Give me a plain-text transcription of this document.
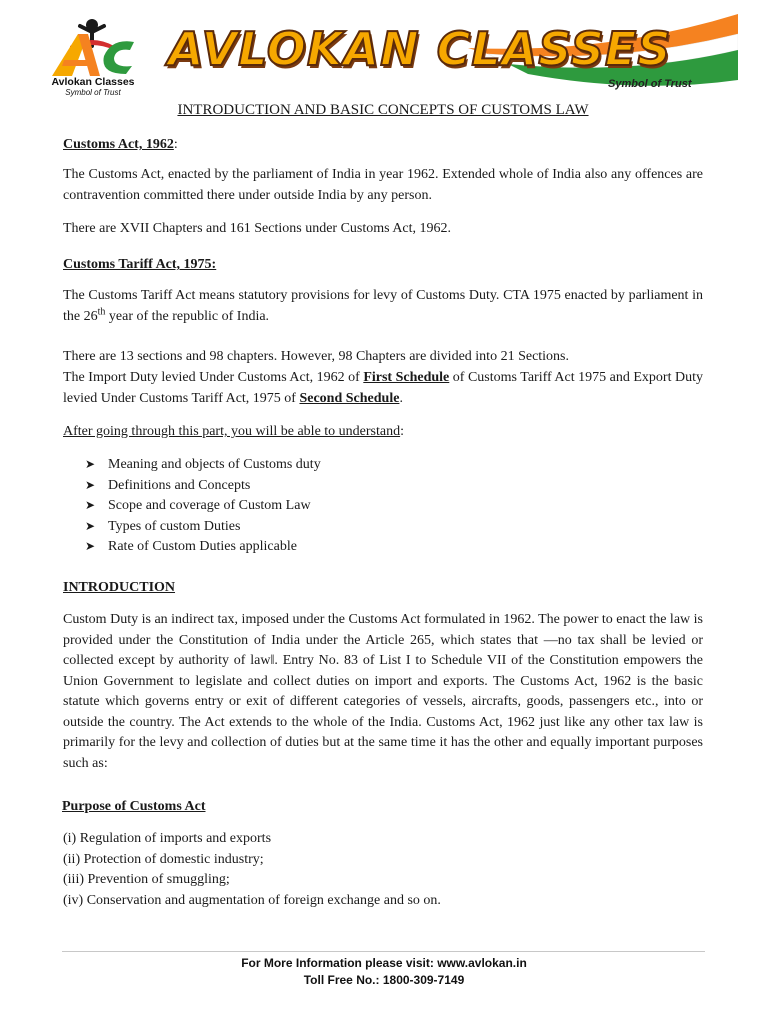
Avlokan Classes
Symbol of Trust
AVLOKAN CLASSES
Symbol of Trust
INTRODUCTION AND BASIC CONCEPTS OF CUSTOMS LAW
Customs Act, 1962:

The Customs Act, enacted by the parliament of India in year 1962. Extended whole of India also any offences are contravention committed there under outside India by any person.

There are XVII Chapters and 161 Sections under Customs Act, 1962.

Customs Tariff Act, 1975:

The Customs Tariff Act means statutory provisions for levy of Customs Duty. CTA 1975 enacted by parliament in the 26th year of the republic of India.

There are 13 sections and 98 chapters. However, 98 Chapters are divided into 21 Sections.

The Import Duty levied Under Customs Act, 1962 of First Schedule of Customs Tariff Act 1975 and Export Duty levied Under Customs Tariff Act, 1975 of Second Schedule.

After going through this part, you will be able to understand:
➤ Meaning and objects of Customs duty
➤ Definitions and Concepts
➤ Scope and coverage of Custom Law
➤ Types of custom Duties
➤ Rate of Custom Duties applicable
INTRODUCTION

Custom Duty is an indirect tax, imposed under the Customs Act formulated in 1962. The power to enact the law is provided under the Constitution of India under the Article 265, which states that —no tax shall be levied or collected except by authority of law‖. Entry No. 83 of List I to Schedule VII of the Constitution empowers the Union Government to legislate and collect duties on import and exports. The Customs Act, 1962 is the basic statute which governs entry or exit of different categories of vessels, aircrafts, goods, passengers etc., into or outside the country. The Act extends to the whole of the India. Customs Act, 1962 just like any other tax law is primarily for the levy and collection of duties but at the same time it has the other and equally important purposes such as:

Purpose of Customs Act
(i) Regulation of imports and exports
(ii) Protection of domestic industry;
(iii) Prevention of smuggling;
(iv) Conservation and augmentation of foreign exchange and so on.
For More Information please visit: www.avlokan.in
Toll Free No.: 1800-309-7149
